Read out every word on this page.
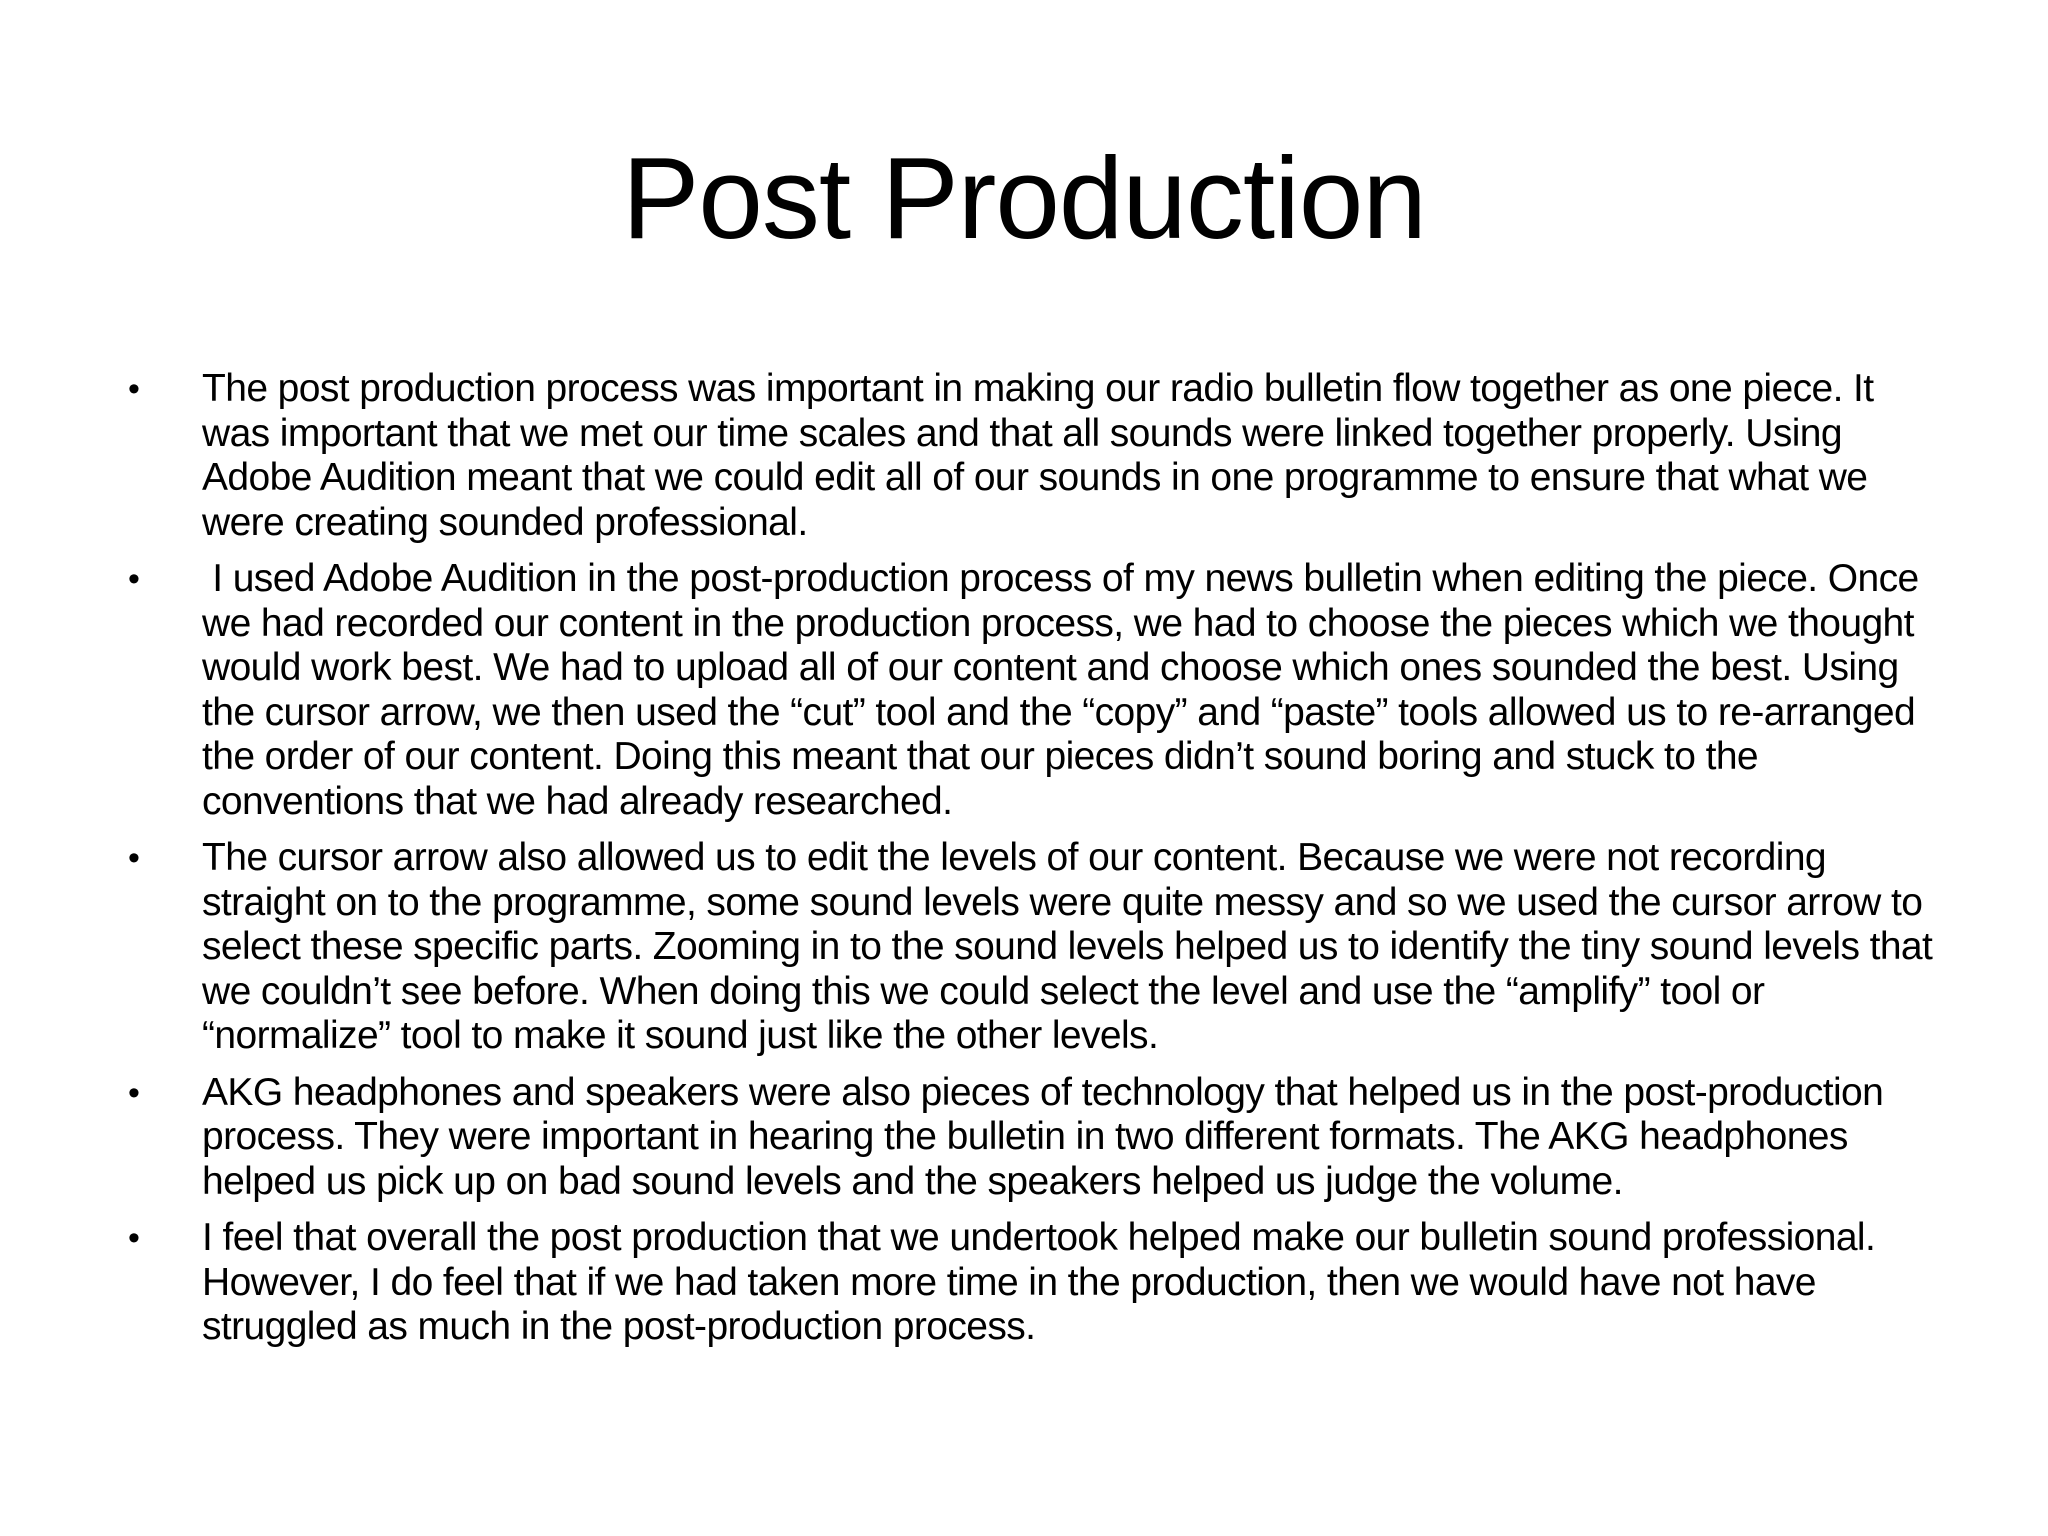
Post Production
•	The post production process was important in making our radio bulletin flow together as one piece. It was important that we met our time scales and that all sounds were linked together properly. Using Adobe Audition meant that we could edit all of our sounds in one programme to ensure that what we were creating sounded professional.
•	I used Adobe Audition in the post-production process of my news bulletin when editing the piece. Once we had recorded our content in the production process, we had to choose the pieces which we thought would work best. We had to upload all of our content and choose which ones sounded the best. Using the cursor arrow, we then used the “cut” tool and the “copy” and “paste” tools allowed us to re-arranged the order of our content. Doing this meant that our pieces didn’t sound boring and stuck to the conventions that we had already researched.
•	The cursor arrow also allowed us to edit the levels of our content. Because we were not recording straight on to the programme, some sound levels were quite messy and so we used the cursor arrow to select these specific parts. Zooming in to the sound levels helped us to identify the tiny sound levels that we couldn’t see before. When doing this we could select the level and use the “amplify” tool or “normalize” tool to make it sound just like the other levels.
•	AKG headphones and speakers were also pieces of technology that helped us in the post-production process. They were important in hearing the bulletin in two different formats. The AKG headphones helped us pick up on bad sound levels and the speakers helped us judge the volume.
•	I feel that overall the post production that we undertook helped make our bulletin sound professional. However, I do feel that if we had taken more time in the production, then we would have not have struggled as much in the post-production process.
